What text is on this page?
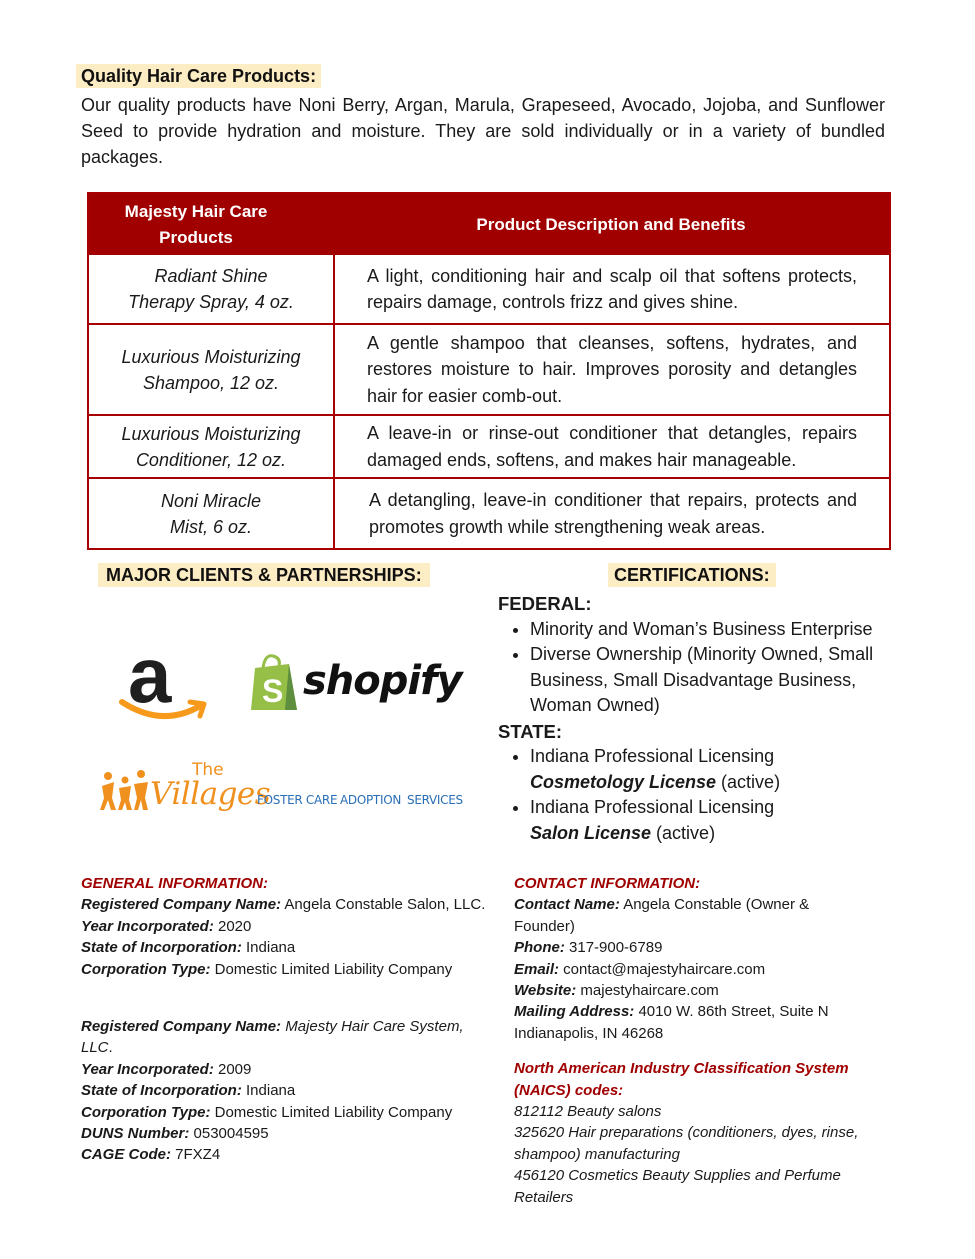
Quality Hair Care Products:
Our quality products have Noni Berry, Argan, Marula, Grapeseed, Avocado, Jojoba, and Sunflower Seed to provide hydration and moisture. They are sold individually or in a variety of bundled packages.
Majesty Hair Care Products
Product Description and Benefits
Radiant Shine
Therapy Spray, 4 oz.
A light, conditioning hair and scalp oil that softens protects, repairs damage, controls frizz and gives shine.
Luxurious Moisturizing
Shampoo, 12 oz.
A gentle shampoo that cleanses, softens, hydrates, and restores moisture to hair. Improves porosity and detangles hair for easier comb-out.
Luxurious Moisturizing
Conditioner, 12 oz.
A leave-in or rinse-out conditioner that detangles, repairs damaged ends, softens, and makes hair manageable.
Noni Miracle
Mist, 6 oz.
A detangling, leave-in conditioner that repairs, protects and promotes growth while strengthening weak areas.
MAJOR CLIENTS & PARTNERSHIPS:
a	S shopify
The
Villages
FOSTER CARE ADOPTION SERVICES
CERTIFICATIONS:
FEDERAL:
• Minority and Woman’s Business Enterprise
• Diverse Ownership (Minority Owned, Small Business, Small Disadvantage Business, Woman Owned)
STATE:
• Indiana Professional Licensing
Cosmetology License (active)
• Indiana Professional Licensing
Salon License (active)
GENERAL INFORMATION:
Registered Company Name: Angela Constable Salon, LLC.
Year Incorporated: 2020
State of Incorporation: Indiana
Corporation Type: Domestic Limited Liability Company
Registered Company Name: Majesty Hair Care System, LLC.
Year Incorporated: 2009
State of Incorporation: Indiana
Corporation Type: Domestic Limited Liability Company
DUNS Number: 053004595
CAGE Code: 7FXZ4
CONTACT INFORMATION:
Contact Name: Angela Constable (Owner & Founder)
Phone: 317-900-6789
Email: contact@majestyhaircare.com
Website: majestyhaircare.com
Mailing Address: 4010 W. 86th Street, Suite N Indianapolis, IN 46268
North American Industry Classification System (NAICS) codes:
812112 Beauty salons
325620 Hair preparations (conditioners, dyes, rinse, shampoo) manufacturing
456120 Cosmetics Beauty Supplies and Perfume Retailers
